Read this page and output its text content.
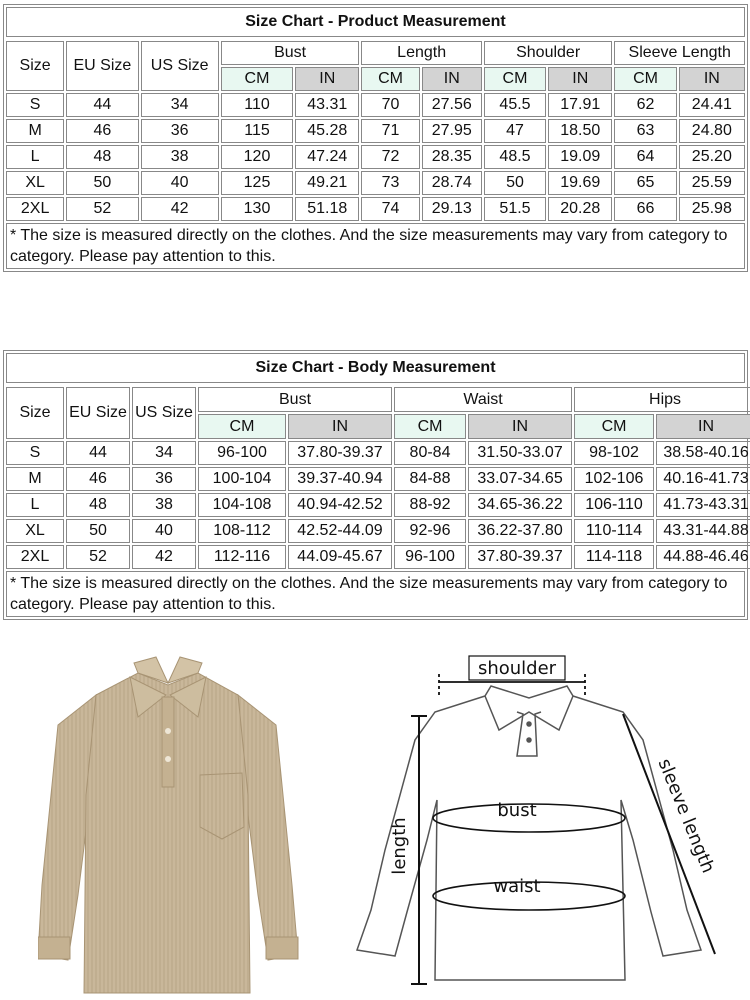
Size Chart - Product Measurement
Size	EU Size	US Size	Bust		Length		Shoulder		Sleeve Length	
			CM	IN	CM	IN	CM	IN	CM	IN
S	44	34	110	43.31	70	27.56	45.5	17.91	62	24.41
M	46	36	115	45.28	71	27.95	47	18.50	63	24.80
L	48	38	120	47.24	72	28.35	48.5	19.09	64	25.20
XL	50	40	125	49.21	73	28.74	50	19.69	65	25.59
2XL	52	42	130	51.18	74	29.13	51.5	20.28	66	25.98
* The size is measured directly on the clothes. And the size measurements may vary from category to category. Please pay attention to this.
Size Chart - Body Measurement
Size	EU Size	US Size	Bust		Waist		Hips	
			CM	IN	CM	IN	CM	IN
S	44	34	96-100	37.80-39.37	80-84	31.50-33.07	98-102	38.58-40.16
M	46	36	100-104	39.37-40.94	84-88	33.07-34.65	102-106	40.16-41.73
L	48	38	104-108	40.94-42.52	88-92	34.65-36.22	106-110	41.73-43.31
XL	50	40	108-112	42.52-44.09	92-96	36.22-37.80	110-114	43.31-44.88
2XL	52	42	112-116	44.09-45.67	96-100	37.80-39.37	114-118	44.88-46.46
* The size is measured directly on the clothes. And the size measurements may vary from category to category. Please pay attention to this.
shoulder
bust
waist
length	sleeve length
